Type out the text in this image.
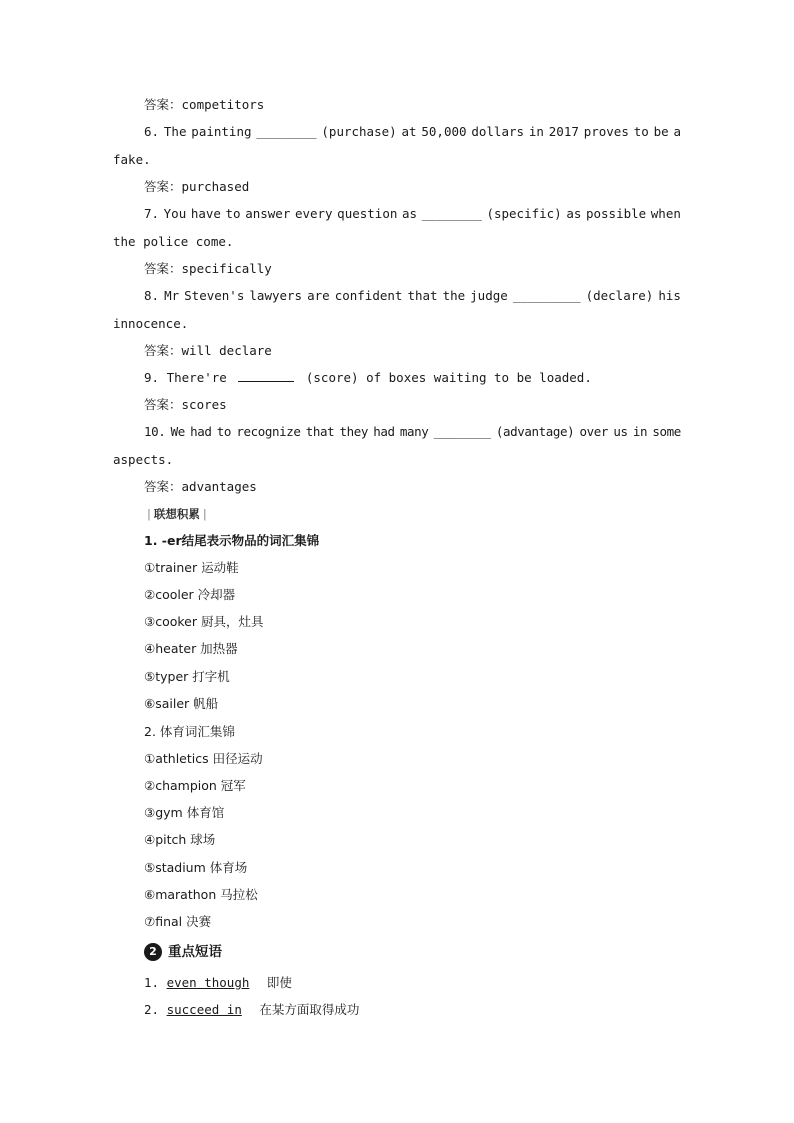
答案：competitors
6. The painting ________ (purchase) at 50,000 dollars in 2017 proves to be a
fake.
答案：purchased
7. You have to answer every question as ________ (specific) as possible when
the police come.
答案：specifically
8. Mr Steven's lawyers are confident that the judge _________ (declare) his
innocence.
答案：will declare
9. There're	(score) of boxes waiting to be loaded.
答案：scores
10. We had to recognize that they had many ________ (advantage) over us in some
aspects.
答案：advantages
| 联想积累 |
1. -er结尾表示物品的词汇集锦
①trainer 运动鞋
②cooler 冷却器
③cooker 厨具，灶具
④heater 加热器
⑤typer 打字机
⑥sailer 帆船
2. 体育词汇集锦
①athletics 田径运动
②champion 冠军
③gym 体育馆
④pitch 球场
⑤stadium 体育场
⑥marathon 马拉松
⑦final 决赛
2 重点短语
1. even though 即使
2. succeed in 在某方面取得成功
